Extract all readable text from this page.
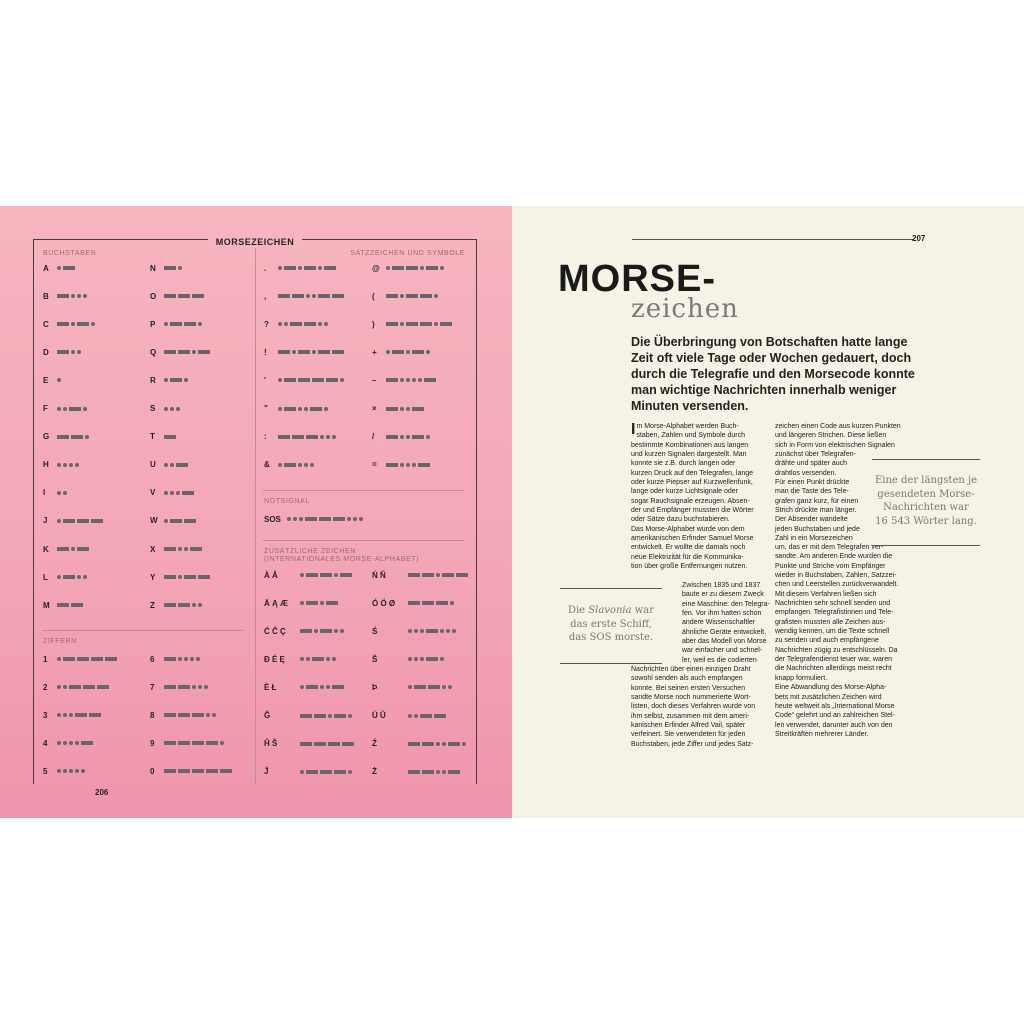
MORSEZEICHEN
BUCHSTABEN	SATZZEICHEN UND SYMBOLE
ZIFFERN
NOTSIGNAL
ZUSÄTZLICHE ZEICHEN
(INTERNATIONALES MORSE-ALPHABET)
A
B
C
D
E
F
G
H
I
J
K
L
M
N
O
P
Q
R
S
T
U
V
W
X
Y
Z
1
2
3
4
5
6
7
8
9
0
.
,
?
!
'
"
:
&
@
(
)
+
–
×
/
=
SOS
À Å
Ä Ą Æ
Ć Ĉ Ç
Đ É Ę
È Ł
Ĝ
Ĥ Š
Ĵ
Ń Ñ
Ó Ö Ø
Ś
Ŝ
Þ
Ü Ŭ
Ź
Ż
206
207
MORSE-
zeichen
Die Überbringung von Botschaften hatte lange Zeit oft viele Tage oder Wochen gedauert, doch durch die Telegrafie und den Morsecode konnte man wichtige Nachrichten innerhalb weniger Minuten versenden.
Im Morse-Alphabet werden Buch-
staben, Zahlen und Symbole durch
bestimmte Kombinationen aus langen
und kurzen Signalen dargestellt. Man
konnte sie z.B. durch langen oder
kurzen Druck auf den Telegrafen, lange
oder kurze Piepser auf Kurzwellenfunk,
lange oder kurze Lichtsignale oder
sogar Rauchsignale erzeugen. Absen-
der und Empfänger mussten die Wörter
oder Sätze dazu buchstabieren.
Das Morse-Alphabet wurde von dem
amerikanischen Erfinder Samuel Morse
entwickelt. Er wollte die damals noch
neue Elektrizität für die Kommunika-
tion über große Entfernungen nutzen.
Zwischen 1835 und 1837
baute er zu diesem Zweck
eine Maschine: den Telegra-
fen. Vor ihm hatten schon
andere Wissenschaftler
ähnliche Geräte entwickelt,
aber das Modell von Morse
war einfacher und schnel-
ler, weil es die codierten
Nachrichten über einen einzigen Draht
sowohl senden als auch empfangen
konnte. Bei seinen ersten Versuchen
sandte Morse noch nummerierte Wort-
listen, doch dieses Verfahren wurde von
ihm selbst, zusammen mit dem ameri-
kanischen Erfinder Alfred Vail, später
verfeinert. Sie verwendeten für jeden
Buchstaben, jede Ziffer und jedes Satz-
zeichen einen Code aus kurzen Punkten
und längeren Strichen. Diese ließen
sich in Form von elektrischen Signalen
zunächst über Telegrafen-
drähte und später auch
drahtlos versenden.
Für einen Punkt drückte
man die Taste des Tele-
grafen ganz kurz, für einen
Strich drückte man länger.
Der Absender wandelte
jeden Buchstaben und jede
Zahl in ein Morsezeichen
um, das er mit dem Telegrafen ver-
sandte. Am anderen Ende wurden die
Punkte und Striche vom Empfänger
wieder in Buchstaben, Zahlen, Satzzei-
chen und Leerstellen zurückverwandelt.
Mit diesem Verfahren ließen sich
Nachrichten sehr schnell senden und
empfangen. Telegrafistinnen und Tele-
grafisten mussten alle Zeichen aus-
wendig kennen, um die Texte schnell
zu senden und auch empfangene
Nachrichten zügig zu entschlüsseln. Da
der Telegrafendienst teuer war, waren
die Nachrichten allerdings meist recht
knapp formuliert.
Eine Abwandlung des Morse-Alpha-
bets mit zusätzlichen Zeichen wird
heute weltweit als „International Morse
Code“ gelehrt und an zahlreichen Stel-
len verwendet, darunter auch von den
Streitkräften mehrerer Länder.
Die Slavonia war
das erste Schiff,
das SOS morste.
Eine der längsten je
gesendeten Morse-
Nachrichten war
16 543 Wörter lang.
